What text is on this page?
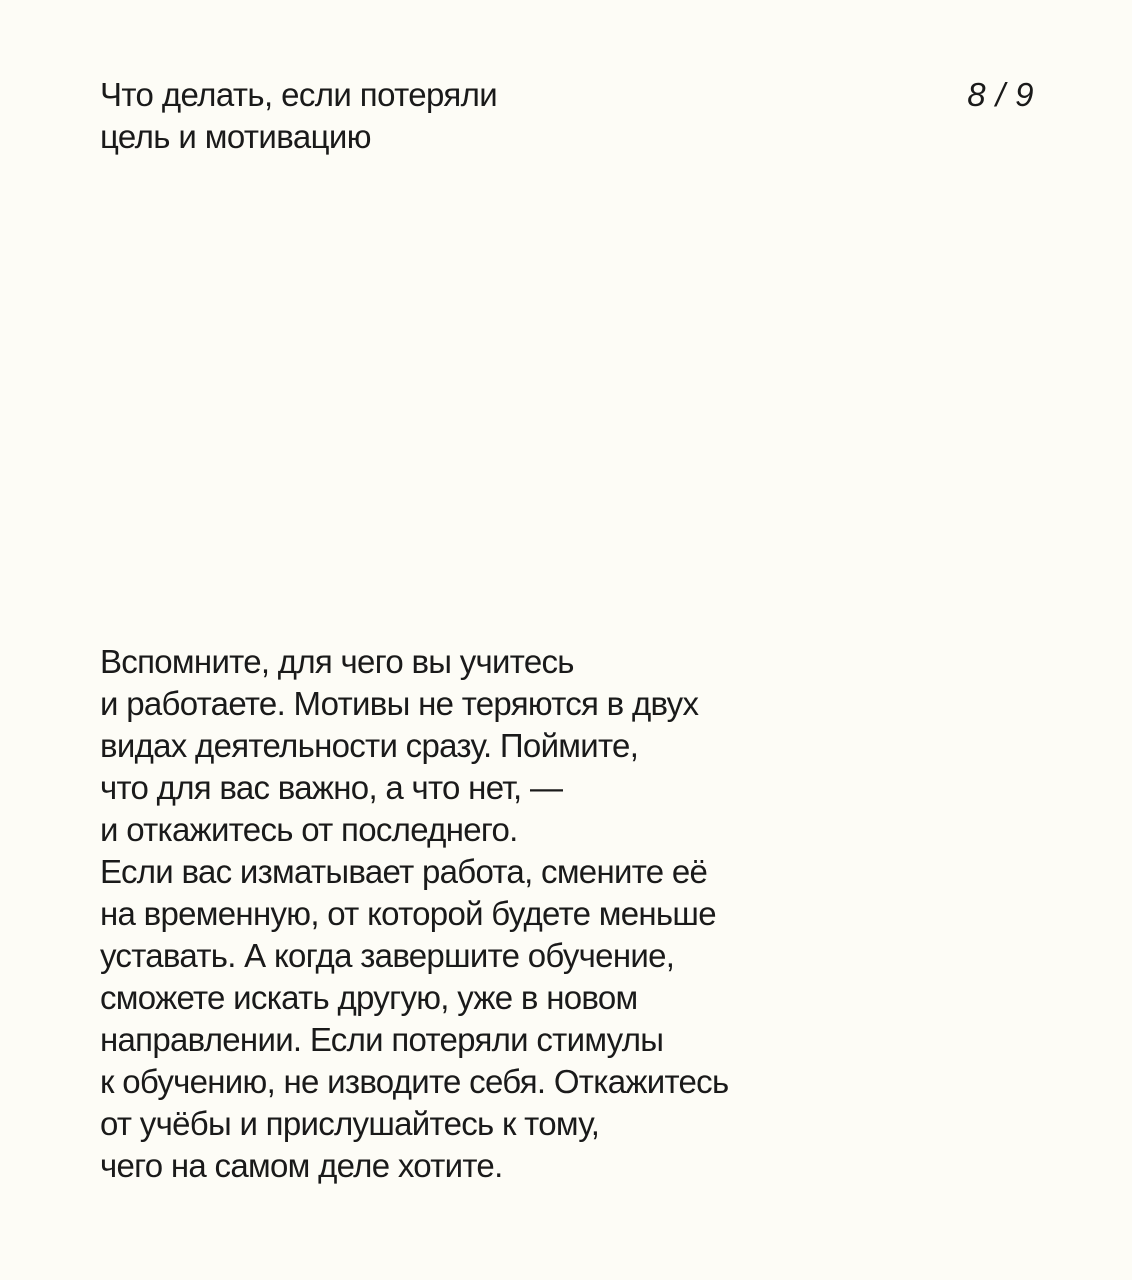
Что делать, если потеряли
цель и мотивацию
8 / 9

Вспомните, для чего вы учитесь
и работаете. Мотивы не теряются в двух
видах деятельности сразу. Поймите,
что для вас важно, а что нет, —
и откажитесь от последнего.
Если вас изматывает работа, смените её
на временную, от которой будете меньше
уставать. А когда завершите обучение,
сможете искать другую, уже в новом
направлении. Если потеряли стимулы
к обучению, не изводите себя. Откажитесь
от учёбы и прислушайтесь к тому,
чего на самом деле хотите.
